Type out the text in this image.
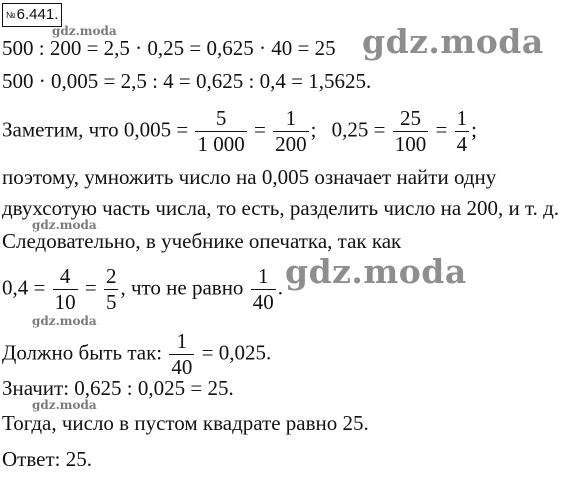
№6.441.
gdz.moda
500 : 200 = 2,5 · 0,25 = 0,625 · 40 = 25 gdz.moda
500 · 0,005 = 2,5 : 4 = 0,625 : 0,4 = 1,5625.
Заметим, что $0,005 = \frac{5}{1 000} = \frac{1}{200}$ ; $0,25 = \frac{25}{100} = \frac{1}{4}$ ;
поэтому, умножить число на 0,005 означает найти одну
двухсотую часть числа, то есть, разделить число на 200, и т. д.
gdz.moda
Следовательно, в учебнике опечатка, так как
$0,4 = \frac{4}{10} = \frac{2}{5}$ , что не равно $\frac{1}{40}$ . gdz.moda
gdz.moda
Должно быть так: $\frac{1}{40} = 0,025$.
Значит: 0,625 : 0,025 = 25.
gdz.moda
Тогда, число в пустом квадрате равно 25.
Ответ: 25.
